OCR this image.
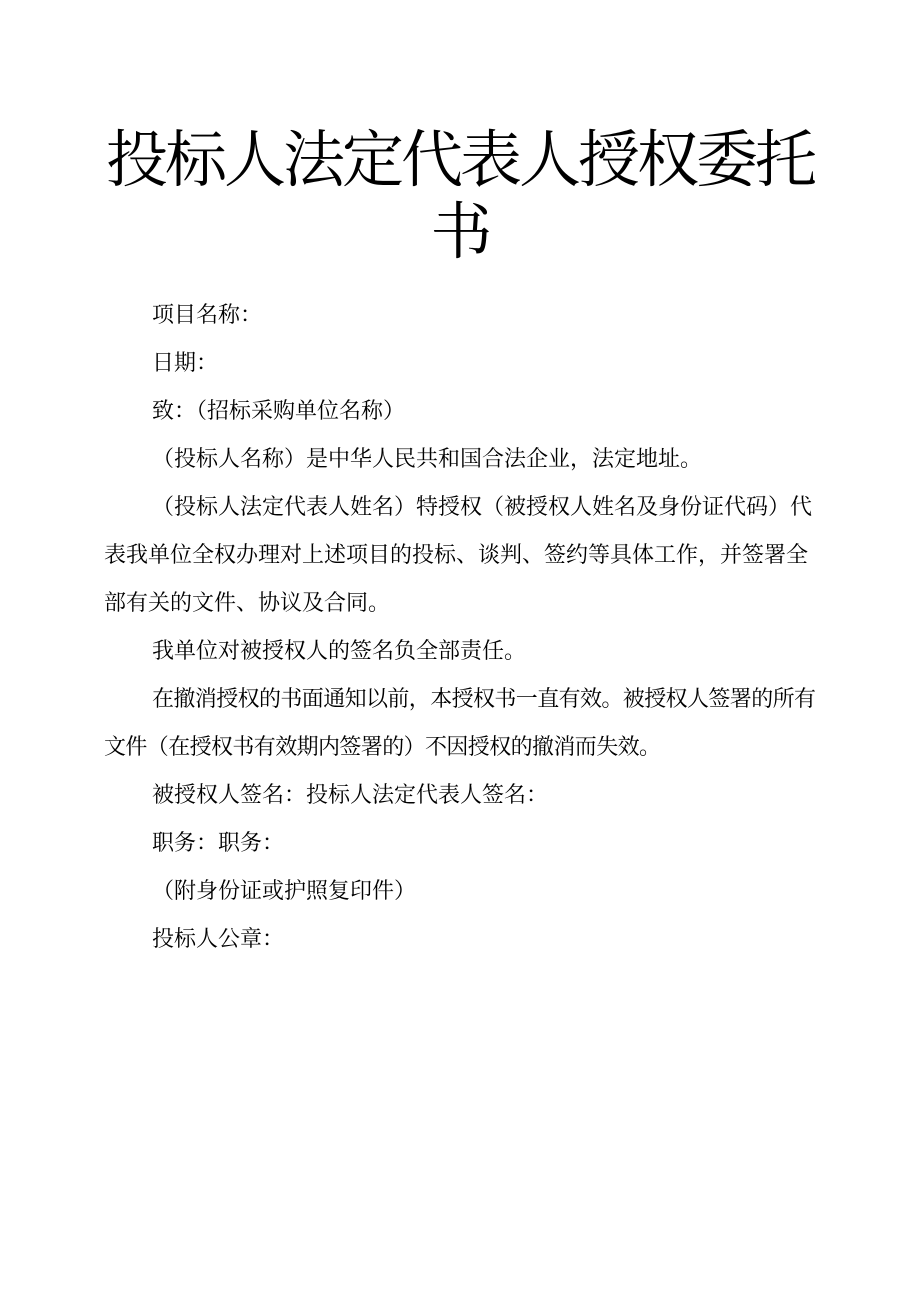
投标人法定代表人授权委托书

项目名称：

日期：

致：（招标采购单位名称）

（投标人名称）是中华人民共和国合法企业，法定地址。

（投标人法定代表人姓名）特授权（被授权人姓名及身份证代码）代表我单位全权办理对上述项目的投标、谈判、签约等具体工作，并签署全部有关的文件、协议及合同。

我单位对被授权人的签名负全部责任。

在撤消授权的书面通知以前，本授权书一直有效。被授权人签署的所有文件（在授权书有效期内签署的）不因授权的撤消而失效。

被授权人签名：投标人法定代表人签名：

职务：职务：

（附身份证或护照复印件）

投标人公章：
